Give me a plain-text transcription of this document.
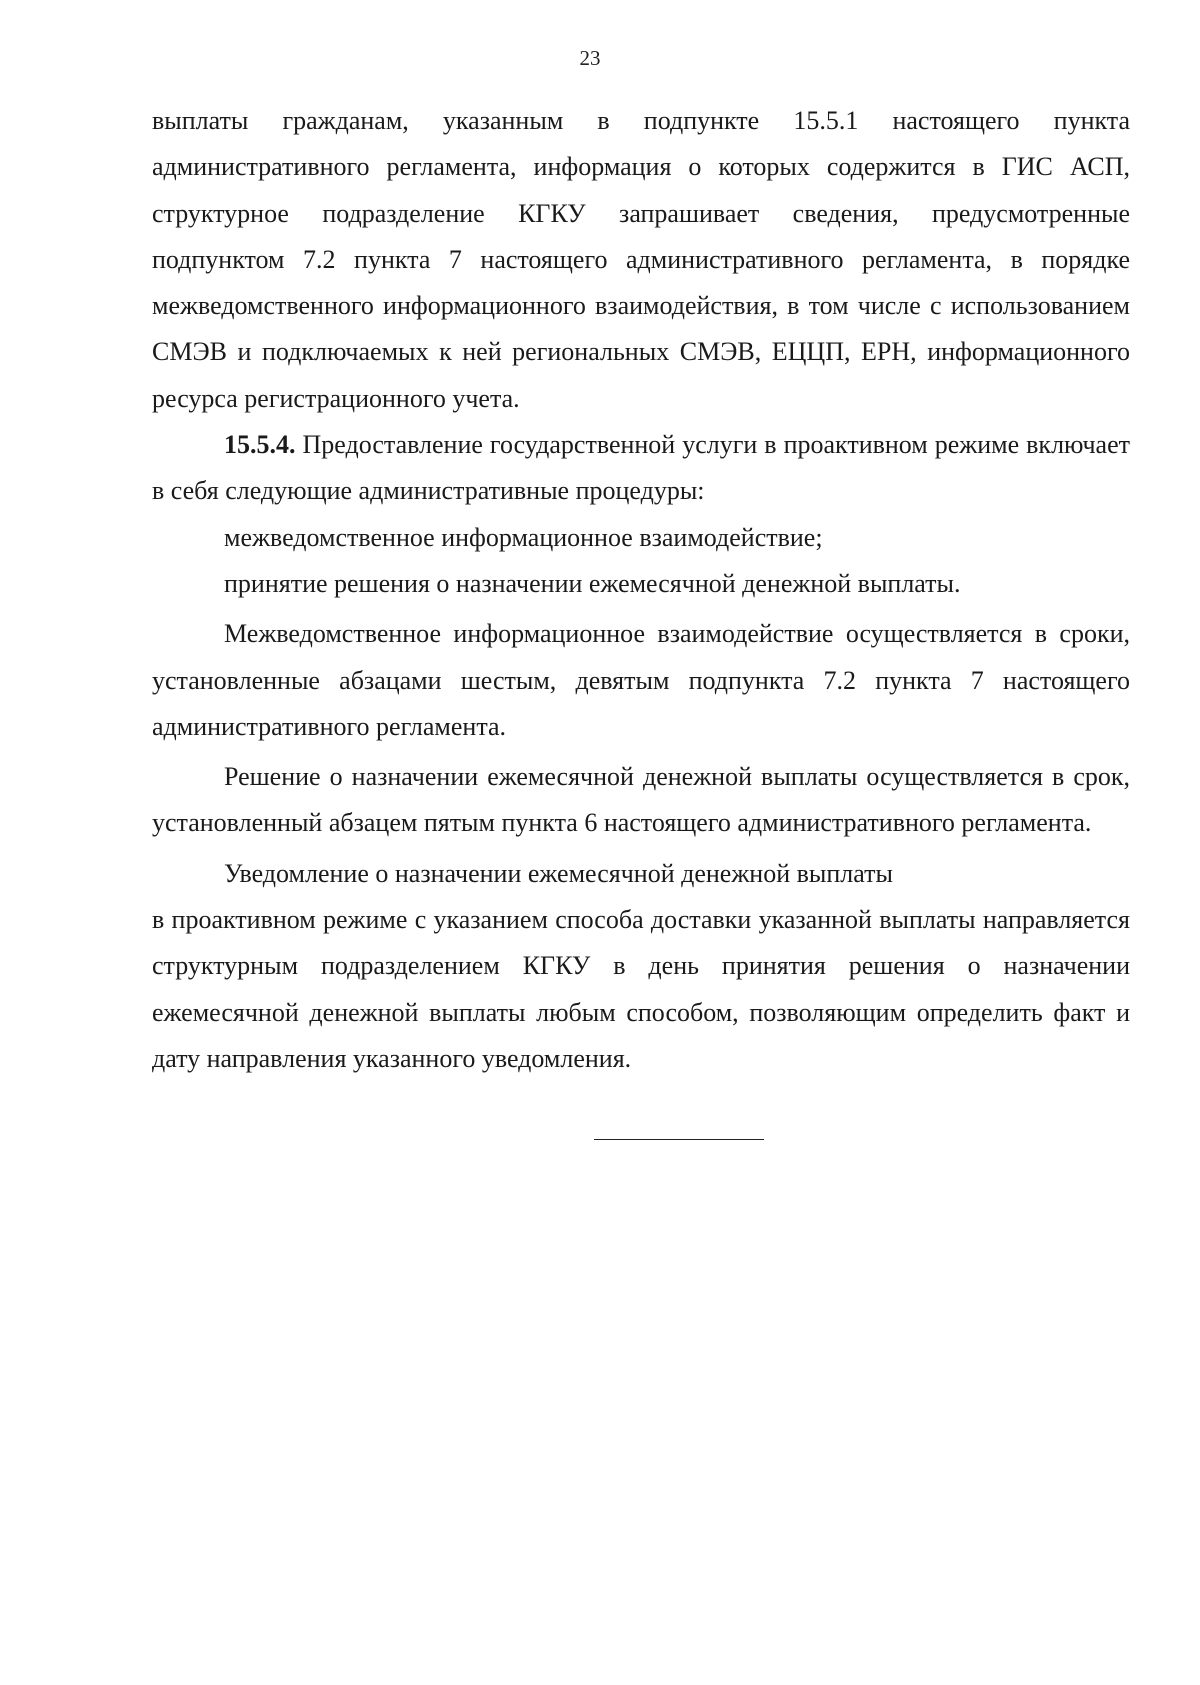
23

выплаты гражданам, указанным в подпункте 15.5.1 настоящего пункта административного регламента, информация о которых содержится в ГИС АСП, структурное подразделение КГКУ запрашивает сведения, предусмотренные подпунктом 7.2 пункта 7 настоящего административного регламента, в порядке межведомственного информационного взаимодействия, в том числе с использованием СМЭВ и подключаемых к ней региональных СМЭВ, ЕЦЦП, ЕРН, информационного ресурса регистрационного учета.

15.5.4. Предоставление государственной услуги в проактивном режиме включает в себя следующие административные процедуры:

межведомственное информационное взаимодействие;

принятие решения о назначении ежемесячной денежной выплаты.

Межведомственное информационное взаимодействие осуществляется в сроки, установленные абзацами шестым, девятым подпункта 7.2 пункта 7 настоящего административного регламента.

Решение о назначении ежемесячной денежной выплаты осуществляется в срок, установленный абзацем пятым пункта 6 настоящего административного регламента.

Уведомление о назначении ежемесячной денежной выплаты

в проактивном режиме с указанием способа доставки указанной выплаты направляется структурным подразделением КГКУ в день принятия решения о назначении ежемесячной денежной выплаты любым способом, позволяющим определить факт и дату направления указанного уведомления.
